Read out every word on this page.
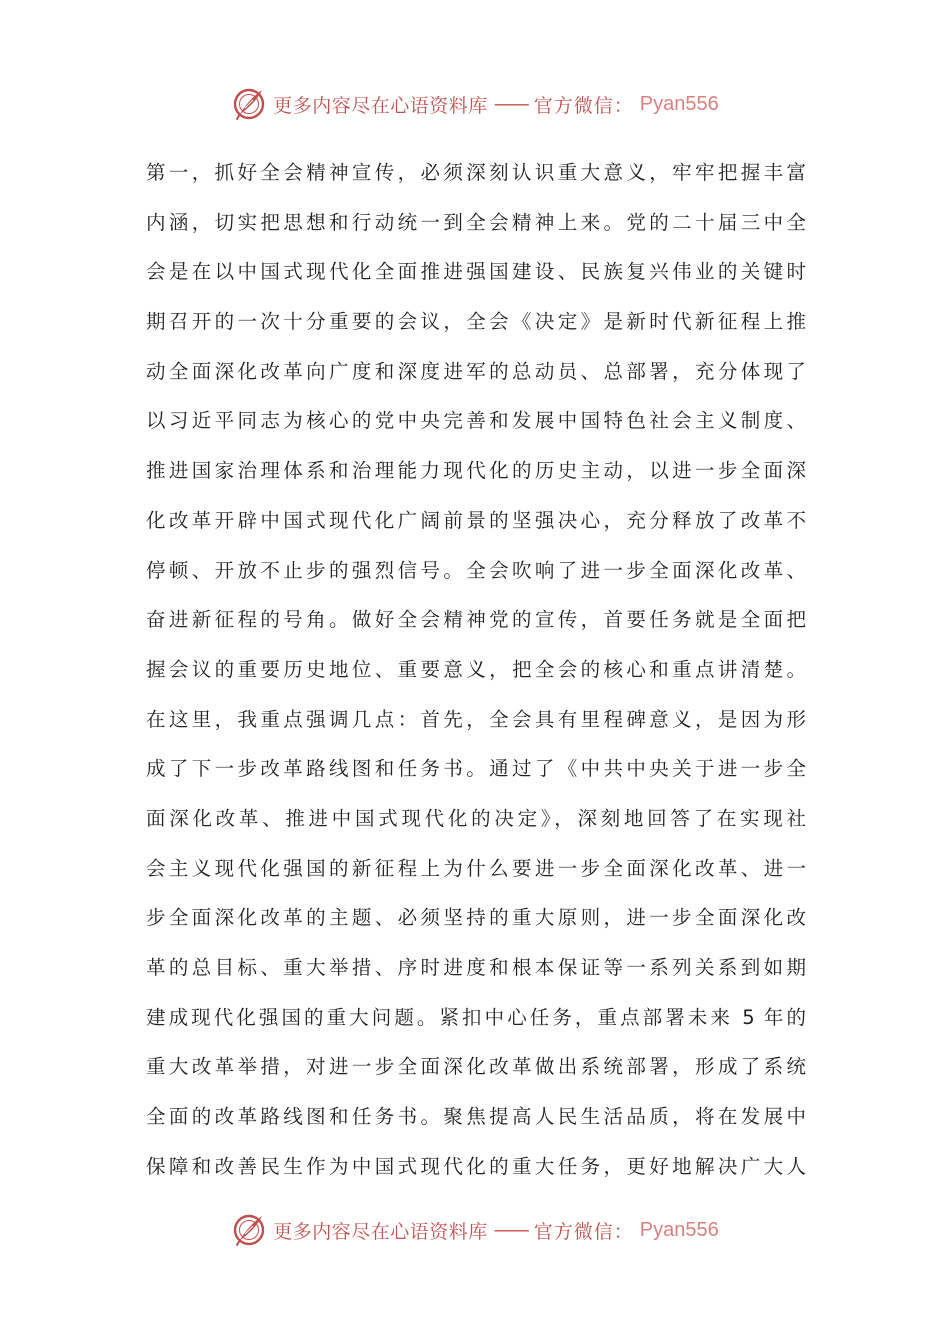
更多内容尽在心语资料库 —— 官方微信： Pyan556
第一，抓好全会精神宣传，必须深刻认识重大意义，牢牢把握丰富
内涵，切实把思想和行动统一到全会精神上来。党的二十届三中全
会是在以中国式现代化全面推进强国建设、民族复兴伟业的关键时
期召开的一次十分重要的会议，全会《决定》是新时代新征程上推
动全面深化改革向广度和深度进军的总动员、总部署，充分体现了
以习近平同志为核心的党中央完善和发展中国特色社会主义制度、
推进国家治理体系和治理能力现代化的历史主动，以进一步全面深
化改革开辟中国式现代化广阔前景的坚强决心，充分释放了改革不
停顿、开放不止步的强烈信号。全会吹响了进一步全面深化改革、
奋进新征程的号角。做好全会精神党的宣传，首要任务就是全面把
握会议的重要历史地位、重要意义，把全会的核心和重点讲清楚。
在这里，我重点强调几点：首先，全会具有里程碑意义，是因为形
成了下一步改革路线图和任务书。通过了《中共中央关于进一步全
面深化改革、推进中国式现代化的决定》，深刻地回答了在实现社
会主义现代化强国的新征程上为什么要进一步全面深化改革、进一
步全面深化改革的主题、必须坚持的重大原则，进一步全面深化改
革的总目标、重大举措、序时进度和根本保证等一系列关系到如期
建成现代化强国的重大问题。紧扣中心任务，重点部署未来 5 年的
重大改革举措，对进一步全面深化改革做出系统部署，形成了系统
全面的改革路线图和任务书。聚焦提高人民生活品质，将在发展中
保障和改善民生作为中国式现代化的重大任务，更好地解决广大人
更多内容尽在心语资料库 —— 官方微信： Pyan556
